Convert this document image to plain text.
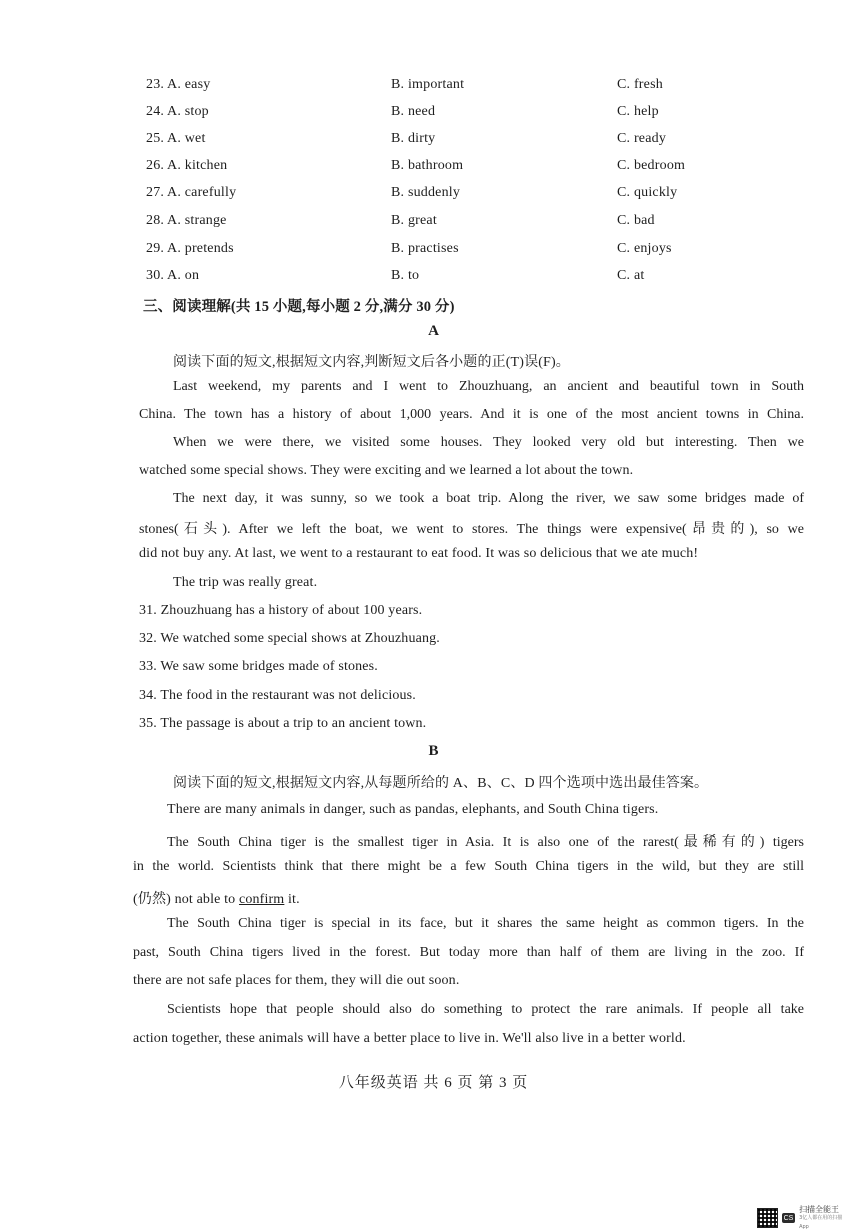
23. A. easy	B. important	C. fresh
24. A. stop	B. need	C. help
25. A. wet	B. dirty	C. ready
26. A. kitchen	B. bathroom	C. bedroom
27. A. carefully	B. suddenly	C. quickly
28. A. strange	B. great	C. bad
29. A. pretends	B. practises	C. enjoys
30. A. on	B. to	C. at
三、阅读理解(共 15 小题,每小题 2 分,满分 30 分)
A
阅读下面的短文,根据短文内容,判断短文后各小题的正(T)误(F)。
Last weekend, my parents and I went to Zhouzhuang, an ancient and beautiful town in South
China. The town has a history of about 1,000 years. And it is one of the most ancient towns in China.
When we were there, we visited some houses. They looked very old but interesting. Then we
watched some special shows. They were exciting and we learned a lot about the town.
The next day, it was sunny, so we took a boat trip. Along the river, we saw some bridges made of
stones(石头). After we left the boat, we went to stores. The things were expensive(昂贵的), so we
did not buy any. At last, we went to a restaurant to eat food. It was so delicious that we ate much!
The trip was really great.
31. Zhouzhuang has a history of about 100 years.
32. We watched some special shows at Zhouzhuang.
33. We saw some bridges made of stones.
34. The food in the restaurant was not delicious.
35. The passage is about a trip to an ancient town.
B
阅读下面的短文,根据短文内容,从每题所给的 A、B、C、D 四个选项中选出最佳答案。
There are many animals in danger, such as pandas, elephants, and South China tigers.
The South China tiger is the smallest tiger in Asia. It is also one of the rarest(最稀有的) tigers
in the world. Scientists think that there might be a few South China tigers in the wild, but they are still
(仍然) not able to confirm it.
The South China tiger is special in its face, but it shares the same height as common tigers. In the
past, South China tigers lived in the forest. But today more than half of them are living in the zoo. If
there are not safe places for them, they will die out soon.
Scientists hope that people should also do something to protect the rare animals. If people all take
action together, these animals will have a better place to live in. We'll also live in a better world.
八年级英语 共 6 页 第 3 页
CS
扫描全能王
3亿人都在用的扫描App
